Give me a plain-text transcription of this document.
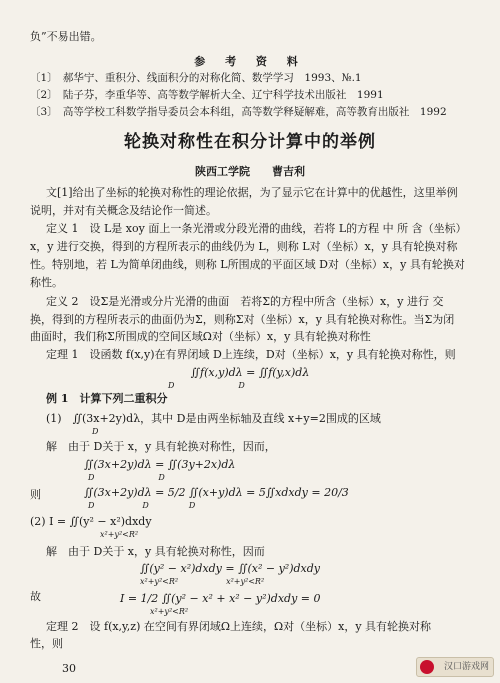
负”不易出错。
参 考 资 料
〔1〕　郝华宁、重积分、线面积分的对称化简、数学学习　1993、№.1
〔2〕　陆子芬，李重华等、高等数学解析大全、辽宁科学技术出版社　1991
〔3〕　高等学校工科数学指导委员会本科组，高等数学释疑解难，高等教育出版社　1992
轮换对称性在积分计算中的举例
陕西工学院　　曹吉利
文[1]给出了坐标的轮换对称性的理论依据，为了显示它在计算中的优越性，这里举例
说明，并对有关概念及结论作一简述。
定义 1　设 L是 xoy 面上一条光滑或分段光滑的曲线，若将 L的方程 中 所 含（坐标）
x，y 进行交换，得到的方程所表示的曲线仍为 L，则称 L对（坐标）x，y 具有轮换对称
性。特别地，若 L为简单闭曲线，则称 L所围成的平面区域 D对（坐标）x，y 具有轮换对
称性。
定义 2　设Σ是光滑或分片光滑的曲面　若将Σ的方程中所含（坐标）x，y 进行 交
换，得到的方程所表示的曲面仍为Σ，则称Σ对（坐标）x，y 具有轮换对称性。当Σ为闭
曲面时，我们称Σ所围成的空间区域Ω对（坐标）x，y 具有轮换对称性
定理 1　设函数 f(x,y)在有界闭域 D上连续，D对（坐标）x，y 具有轮换对称性，则
∬f(x,y)dλ = ∬f(y,x)dλ
D　　　　　　　　D
例 1　计算下列二重积分
(1)　∬(3x+2y)dλ，其中 D是由两坐标轴及直线 x+y=2围成的区域
D
解　由于 D关于 x，y 具有轮换对称性，因而，
∬(3x+2y)dλ = ∬(3y+2x)dλ
D　　　　　　　　D
则	∬(3x+2y)dλ = 5/2 ∬(x+y)dλ = 5∬xdxdy = 20/3
D　　　　　　D　　　　　D
(2) I = ∬(y² − x²)dxdy
x²+y²<R²
解　由于 D关于 x，y 具有轮换对称性，因而
∬(y² − x²)dxdy = ∬(x² − y²)dxdy
x²+y²<R²　　　　　　x²+y²<R²
故	I = 1/2 ∬(y² − x² + x² − y²)dxdy = 0
x²+y²<R²
定理 2　设 f(x,y,z) 在空间有界闭域Ω上连续，Ω对（坐标）x，y 具有轮换对称
性，则
30	汉口游戏网
